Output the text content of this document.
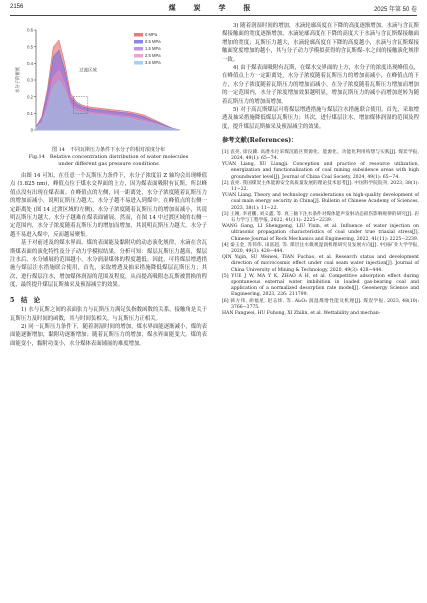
2156	煤 炭 学 报	2025 年第 50 卷
0.6
0.5
0.4
0.3
0.2
0.1
0
水分子的密度	过渡区域
0 MPa
0.5 MPa
1.5 MPa
2.5 MPa
3.5 MPa
图 14　不同瓦斯压力条件下水分子的相对浓度分布
Fig.14　Relative concentration distribution of water molecules
under different gas pressure conditions

由图 14 可知，在任意一个瓦斯压力条件下，水分子浓度沿 Z 轴均会出现峰值点 (1.825 nm)，峰值点位于煤水交界面的上方，因为煤表面吸附有瓦斯，所以峰值点没有出现在煤表面。在峰值点的左侧，同一距离处，水分子浓度随着瓦斯压力的增加而减小，说明瓦斯压力越大，水分子越不易进入到煤中。在峰值点的右侧一定距离处 (图 14 过渡区域的左侧)，水分子浓度随着瓦斯压力的增加而减小，其说明瓦斯压力越大，水分子越难在煤表面铺展。然而，在图 14 中过渡区域的右侧一定范围内，水分子浓度随着瓦斯压力的增加而增加，其说明瓦斯压力越大，水分子越不易进入煤中，反而越易聚集。

基于对前述及的煤水界面、煤的表面能及黏附功的动态演化规律，水滴在含瓦斯煤表面的演化特性及分子动力学模拟结果，分析可知：煤层瓦斯压力越高，煤层注水后，水分铺展的范围越小，水分润湿煤体的程度越低。因此，可将煤层增透措施与煤层注水措施联合使用，首先，采取增透及抽采措施降低煤层瓦斯压力；其次，进行煤层注水，增加煤体润湿的范围及程度，从而提高吸附态瓦斯被置换的程度，最终提升煤层瓦斯抽采及预湿减尘的效果。

5　结　论

1) 水与瓦斯之间的表面张力与瓦斯压力满足负指数函数的关系，接触角是关于瓦斯压力及时间的函数，其与时间负相关，与瓦斯压力正相关。

2) 同一瓦斯压力条件下，随着润湿时间的增加，煤水界面能逐渐减小，煤的表面能逐渐增加，黏附功逐渐增加；随着瓦斯压力的增加，煤水界面能变大，煤的表面能变小，黏附功变小，水分煤体表面铺展的难度增加。

3) 随着润湿时间的增加，水滴轮廓高度在下降的高度逐渐增加，水滴与含瓦斯煤接触面的宽度逐渐增加，水滴轮廓高度在下降的高度大于水滴与含瓦斯煤接触面增加的宽度；瓦斯压力越大，水滴轮廓高度在下降的高度越小，水滴与含瓦斯煤接触面宽度增加的越小，其与分子动力学模拟获得的含瓦斯煤–水之间的接触演化规律一致。

4) 由于煤表面吸附有瓦斯，在煤水交界面的上方，水分子的浓度出现峰值点，在峰值点上方一定距离处，水分子浓度随着瓦斯压力的增加而减小，在峰值点的下方，水分子浓度随着瓦斯压力的增加而减小。在分子浓度随着瓦斯压力增加而增加的一定范围内，水分子浓度增加效果越明显，增加瓦斯压力的减小而增加逆转为随着瓦斯压力的增加而增加。

5) 对于高瓦斯煤层可将煤层增透措施与煤层注水措施联合使用，首先，采取增透及抽采措施降低煤层瓦斯压力；其次，进行煤层注水，增加煤体润湿的范围及程度，提升煤层瓦斯抽采及预湿减尘的效果。

参考文献(References)：
[1] 袁亮, 徐良骥. 高潜水位采煤沉陷区资源化、能源化、功能化利用构想与实践[J]. 煤炭学报, 2024, 49(1): 65−74.
YUAN Liang, XU Liangji. Conception and practice of resource utilization, energization and functionalization of coal mining subsidence areas with high groundwater level[J]. Journal of China Coal Society, 2024, 49(1): 65−74.
[2] 袁亮. 我国煤炭主体能源安全高质量发展的理论技术思考[J]. 中国科学院院刊, 2023, 38(1): 11−22.
YUAN Liang. Theory and technology considerations on high-quality development of coal main energy security in China[J]. Bulletin of Chinese Academy of Sciences, 2023, 38(1): 11−22.
[3] 王刚, 李君鹏, 刘义鑫, 等. 真三轴下注水条件对煤体能声发射动态损伤影响规律的研究[J]. 岩石力学与工程学报, 2022, 41(11): 2225−2239.
WANG Gang, LI Shengpeng, LIU Yixin, et al. Influence of water injection on ultrasonic propagation characteristics of coal under true triaxial stress[J]. Chinese Journal of Rock Mechanics and Engineering, 2022, 41(11): 2225−2239.
[4] 秦玉金, 苏伟伟, 田富超, 等. 煤层注水微观湿润机理研究及发展方向[J]. 中国矿业大学学报, 2020, 49(3): 428−444.
QIN Yujin, SU Weiwei, TIAN Fuchao, et al. Research status and development direction of microcosmic effect under coal seam water injection[J]. Journal of China University of Mining & Technology, 2020, 49(3): 428−444.
[5] YUE J W, MA Y K, ZHAO A H, et al. Competitive adsorption effect during spontaneous external water imbibition in loaded gas-bearing coal and application of a normalized desorption rate model[J]. Geoenergy Science and Engineering, 2023, 226: 211799.
[6] 韩方伟, 胡福星, 赵志炜, 等. Al₂O₃ 润湿煤增性能及机理[J]. 煤炭学报, 2023, 48(10): 3766−3775.
HAN Fangwei, HU Fuhong, XI Zhilin, et al. Wettability and mechan-
